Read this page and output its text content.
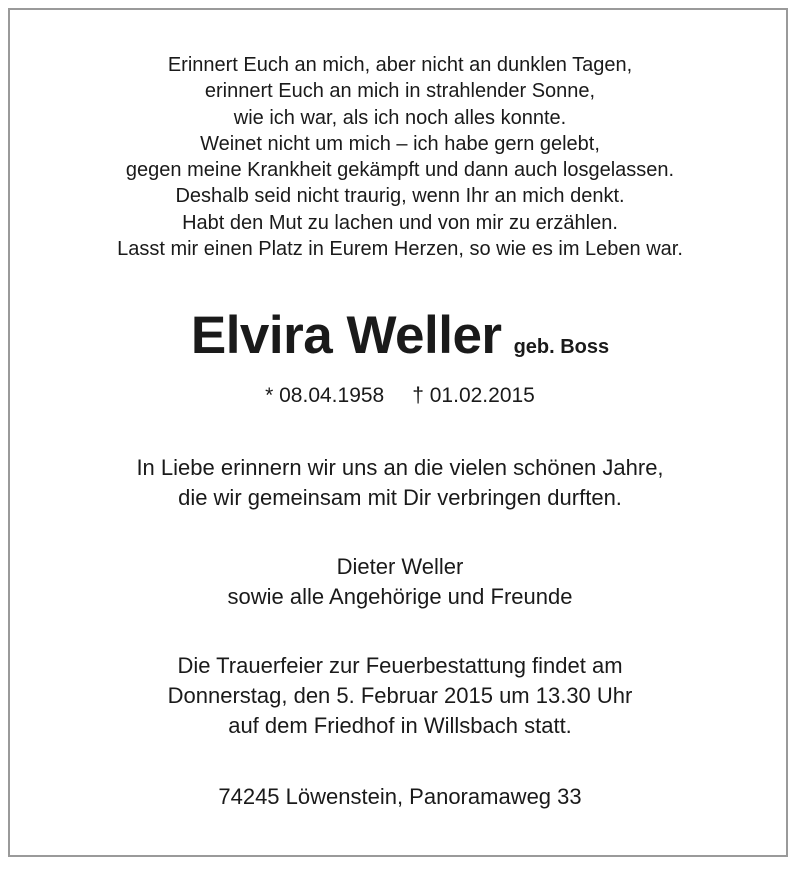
Erinnert Euch an mich, aber nicht an dunklen Tagen,
erinnert Euch an mich in strahlender Sonne,
wie ich war, als ich noch alles konnte.
Weinet nicht um mich – ich habe gern gelebt,
gegen meine Krankheit gekämpft und dann auch losgelassen.
Deshalb seid nicht traurig, wenn Ihr an mich denkt.
Habt den Mut zu lachen und von mir zu erzählen.
Lasst mir einen Platz in Eurem Herzen, so wie es im Leben war.
Elvira Weller geb. Boss
* 08.04.1958 † 01.02.2015
In Liebe erinnern wir uns an die vielen schönen Jahre,
die wir gemeinsam mit Dir verbringen durften.
Dieter Weller
sowie alle Angehörige und Freunde
Die Trauerfeier zur Feuerbestattung findet am
Donnerstag, den 5. Februar 2015 um 13.30 Uhr
auf dem Friedhof in Willsbach statt.
74245 Löwenstein, Panoramaweg 33
